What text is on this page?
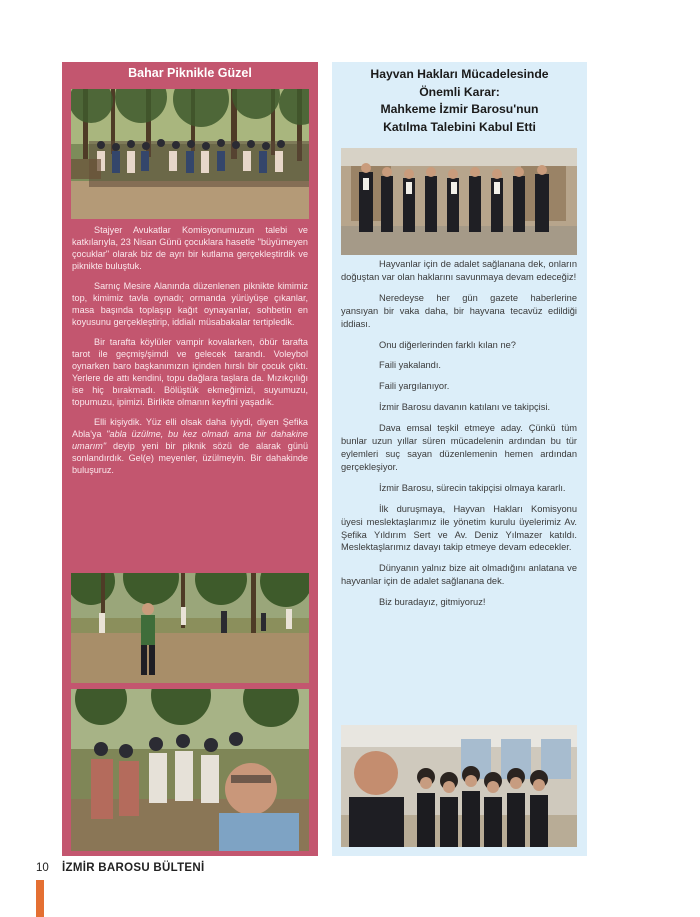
Bahar Piknikle Güzel

Stajyer Avukatlar Komisyonumuzun talebi ve katkılarıyla, 23 Nisan Günü çocuklara hasetle "büyümeyen çocuklar" olarak biz de ayrı bir kutlama gerçekleştirdik ve piknikte buluştuk.

Sarnıç Mesire Alanında düzenlenen piknikte kimimiz top, kimimiz tavla oynadı; ormanda yürüyüşe çıkanlar, masa başında toplaşıp kağıt oynayanlar, sohbetin en koyusunu gerçekleştirip, iddialı müsabakalar tertipledik.

Bir tarafta köylüler vampir kovalarken, öbür tarafta tarot ile geçmiş/şimdi ve gelecek tarandı. Voleybol oynarken baro başkanımızın içinden hırslı bir çocuk çıktı. Yerlere de attı kendini, topu dağlara taşlara da. Mızıkçılığı ise hiç bırakmadı. Bölüştük ekmeğimizi, suyumuzu, topumuzu, ipimizi. Birlikte olmanın keyfini yaşadık.

Elli kişiydik. Yüz elli olsak daha iyiydi, diyen Şefika Abla'ya "abla üzülme, bu kez olmadı ama bir dahakine umarım" deyip yeni bir piknik sözü de alarak günü sonlandırdık. Gel(e) meyenler, üzülmeyin. Bir dahakinde buluşuruz.

Hayvan Hakları Mücadelesinde
Önemli Karar:
Mahkeme İzmir Barosu'nun
Katılma Talebini Kabul Etti

Hayvanlar için de adalet sağlanana dek, onların doğuştan var olan haklarını savunmaya devam edeceğiz!

Neredeyse her gün gazete haberlerine yansıyan bir vaka daha, bir hayvana tecavüz edildiği iddiası.

Onu diğerlerinden farklı kılan ne?

Faili yakalandı.

Faili yargılanıyor.

İzmir Barosu davanın katılanı ve takipçisi.

Dava emsal teşkil etmeye aday. Çünkü tüm bunlar uzun yıllar süren mücadelenin ardından bu tür eylemleri suç sayan düzenlemenin hemen ardından gerçekleşiyor.

İzmir Barosu, sürecin takipçisi olmaya kararlı.

İlk duruşmaya, Hayvan Hakları Komisyonu üyesi meslektaşlarımız ile yönetim kurulu üyelerimiz Av. Şefika Yıldırım Sert ve Av. Deniz Yılmazer katıldı. Meslektaşlarımız davayı takip etmeye devam edecekler.

Dünyanın yalnız bize ait olmadığını anlatana ve hayvanlar için de adalet sağlanana dek.

Biz buradayız, gitmiyoruz!

10 İZMİR BAROSU BÜLTENİ
